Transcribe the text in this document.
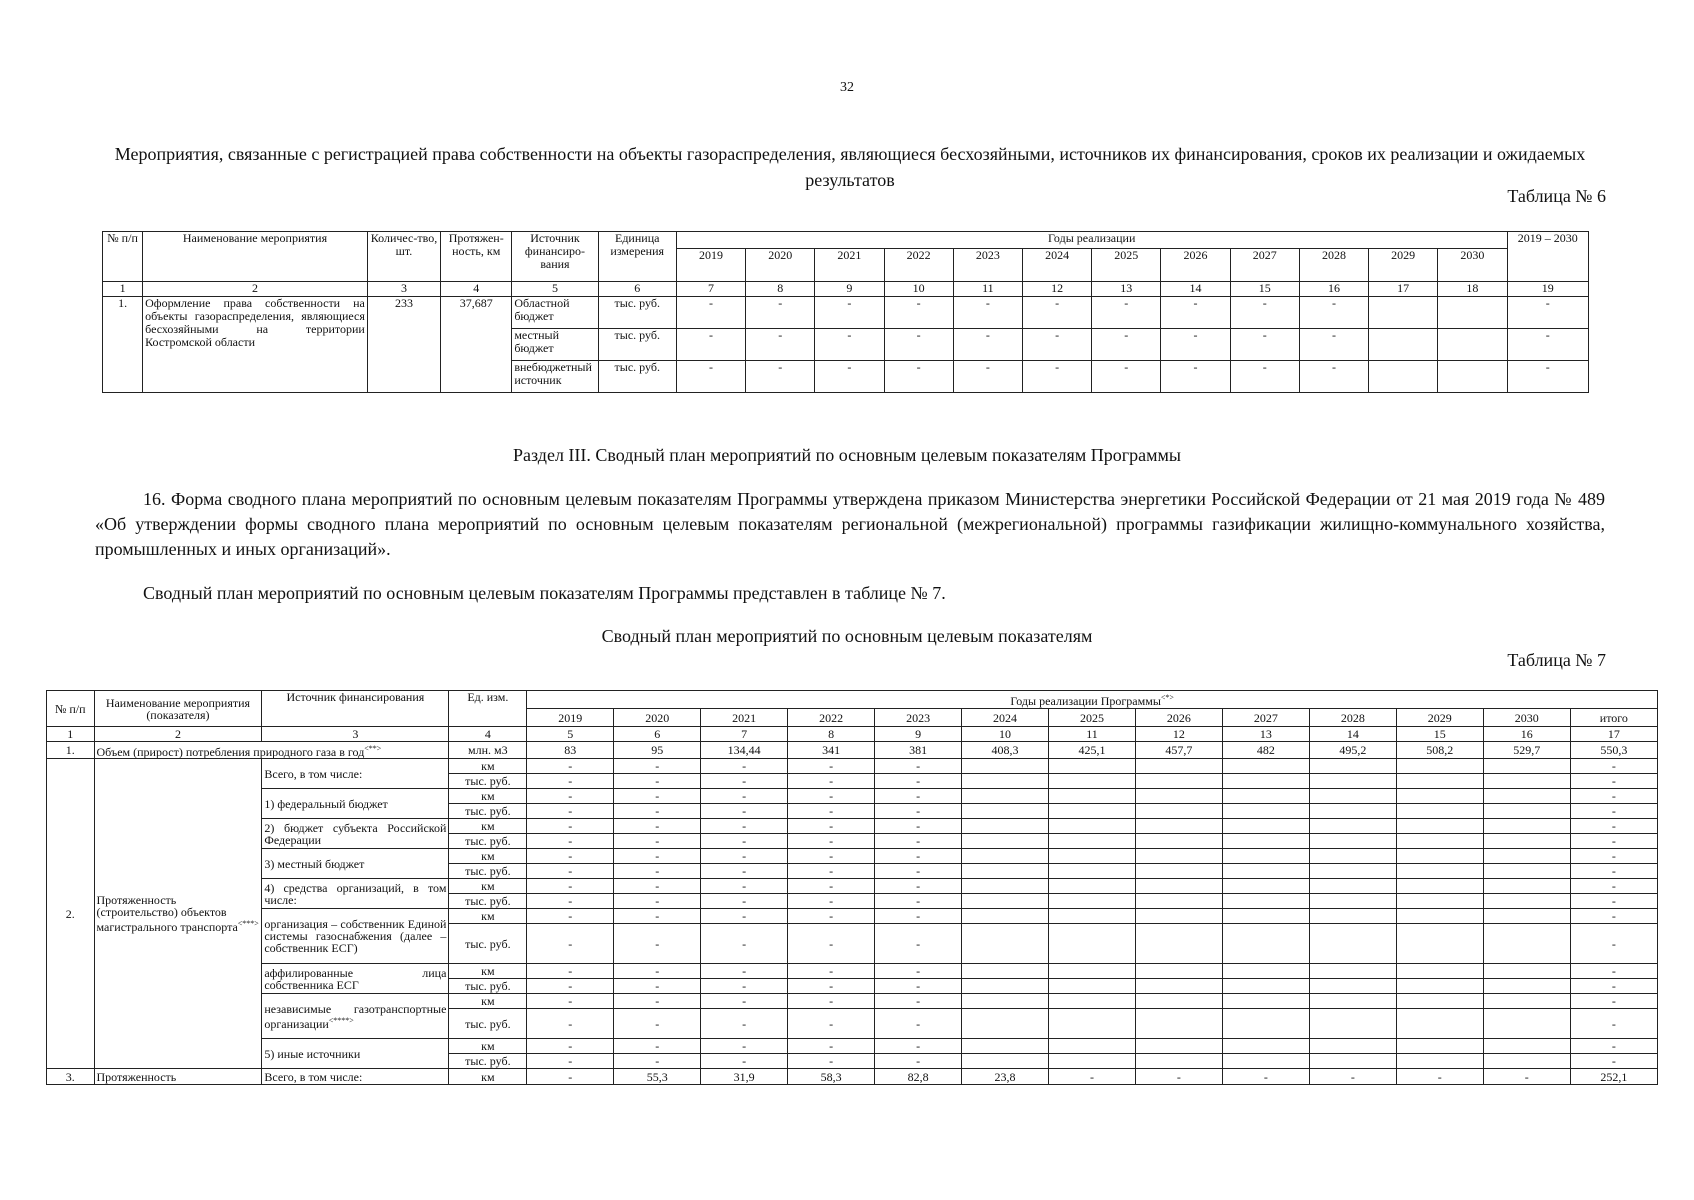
32
Мероприятия, связанные с регистрацией права собственности на объекты газораспределения, являющиеся бесхозяйными, источников их финансирования, сроков их реализации и ожидаемых результатов
Таблица № 6
№ п/п	Наименование мероприятия	Количес-тво, шт.	Протяжен-ность, км	Источник финансиро-вания	Единица измерения	Годы реализации												2019 – 2030
						2019	2020	2021	2022	2023	2024	2025	2026	2027	2028	2029	2030	
1	2	3	4	5	6	7	8	9	10	11	12	13	14	15	16	17	18	19
1.	Оформление права собственности на объекты газораспределения, являющиеся бесхозяйными на территории Костромской области	233	37,687	Областной бюджет	тыс. руб.	-	-	-	-	-	-	-	-	-	-			-
				местный бюджет	тыс. руб.	-	-	-	-	-	-	-	-	-	-			-
				внебюджетный источник	тыс. руб.	-	-	-	-	-	-	-	-	-	-			-
Раздел III. Сводный план мероприятий по основным целевым показателям Программы
16. Форма сводного плана мероприятий по основным целевым показателям Программы утверждена приказом Министерства энергетики Российской Федерации от 21 мая 2019 года № 489 «Об утверждении формы сводного плана мероприятий по основным целевым показателям региональной (межрегиональной) программы газификации жилищно-коммунального хозяйства, промышленных и иных организаций».
Сводный план мероприятий по основным целевым показателям Программы представлен в таблице № 7.
Сводный план мероприятий по основным целевым показателям
Таблица № 7
№ п/п	Наименование мероприятия (показателя)	Источник финансирования	Ед. изм.	Годы реализации Программы<*>
				2019	2020	2021	2022	2023	2024	2025	2026	2027	2028	2029	2030	итого
1	2	3	4	5	6	7	8	9	10	11	12	13	14	15	16	17
1.	Объем (прирост) потребления природного газа в год<**>		млн. м3	83	95	134,44	341	381	408,3	425,1	457,7	482	495,2	508,2	529,7	550,3
2.	Протяженность (строительство) объектов магистрального транспорта<***>	Всего, в том числе:	км	-	-	-	-	-								-
			тыс. руб.	-	-	-	-	-								-
		1) федеральный бюджет	км	-	-	-	-	-								-
			тыс. руб.	-	-	-	-	-								-
		2) бюджет субъекта Российской Федерации	км	-	-	-	-	-								-
			тыс. руб.	-	-	-	-	-								-
		3) местный бюджет	км	-	-	-	-	-								-
			тыс. руб.	-	-	-	-	-								-
		4) средства организаций, в том числе:	км	-	-	-	-	-								-
			тыс. руб.	-	-	-	-	-								-
		организация – собственник Единой системы газоснабжения (далее – собственник ЕСГ)	км	-	-	-	-	-								-
			тыс. руб.	-	-	-	-	-								-
		аффилированные лица собственника ЕСГ	км	-	-	-	-	-								-
			тыс. руб.	-	-	-	-	-								-
		независимые газотранспортные организации<****>	км	-	-	-	-	-								-
			тыс. руб.	-	-	-	-	-								-
		5) иные источники	км	-	-	-	-	-								-
			тыс. руб.	-	-	-	-	-								-
3.	Протяженность	Всего, в том числе:	км	-	55,3	31,9	58,3	82,8	23,8	-	-	-	-	-	-	252,1
